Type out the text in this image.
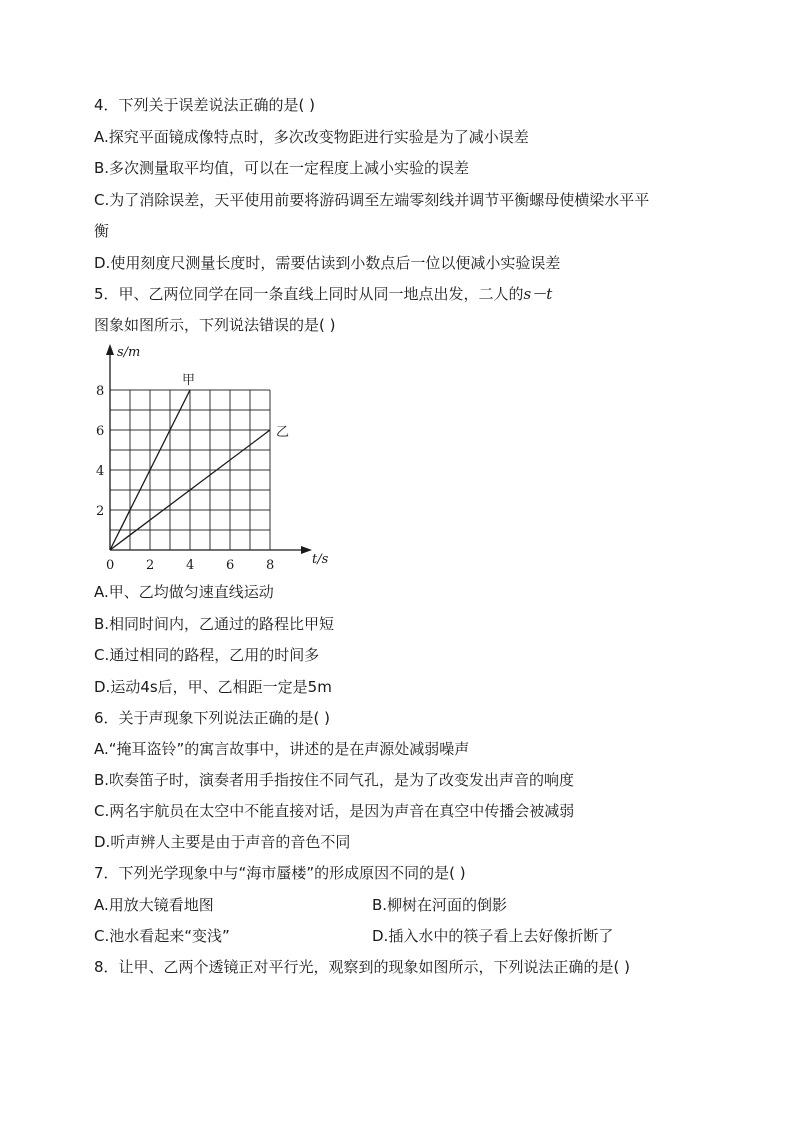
4．下列关于误差说法正确的是( )
A.探究平面镜成像特点时，多次改变物距进行实验是为了减小误差
B.多次测量取平均值，可以在一定程度上减小实验的误差
C.为了消除误差，天平使用前要将游码调至左端零刻线并调节平衡螺母使横梁水平平
衡
D.使用刻度尺测量长度时，需要估读到小数点后一位以便减小实验误差
5．甲、乙两位同学在同一条直线上同时从同一地点出发，二人的s－t
图象如图所示，下列说法错误的是( )
甲
乙
0 2 4 6 8
2
4
6
8
s/m
t/s
A.甲、乙均做匀速直线运动
B.相同时间内，乙通过的路程比甲短
C.通过相同的路程，乙用的时间多
D.运动4s后，甲、乙相距一定是5m
6．关于声现象下列说法正确的是( )
A.“掩耳盗铃”的寓言故事中，讲述的是在声源处减弱噪声
B.吹奏笛子时，演奏者用手指按住不同气孔，是为了改变发出声音的响度
C.两名宇航员在太空中不能直接对话，是因为声音在真空中传播会被减弱
D.听声辨人主要是由于声音的音色不同
7．下列光学现象中与“海市蜃楼”的形成原因不同的是( )
A.用放大镜看地图	B.柳树在河面的倒影
C.池水看起来“变浅”	D.插入水中的筷子看上去好像折断了
8．让甲、乙两个透镜正对平行光，观察到的现象如图所示，下列说法正确的是( )
